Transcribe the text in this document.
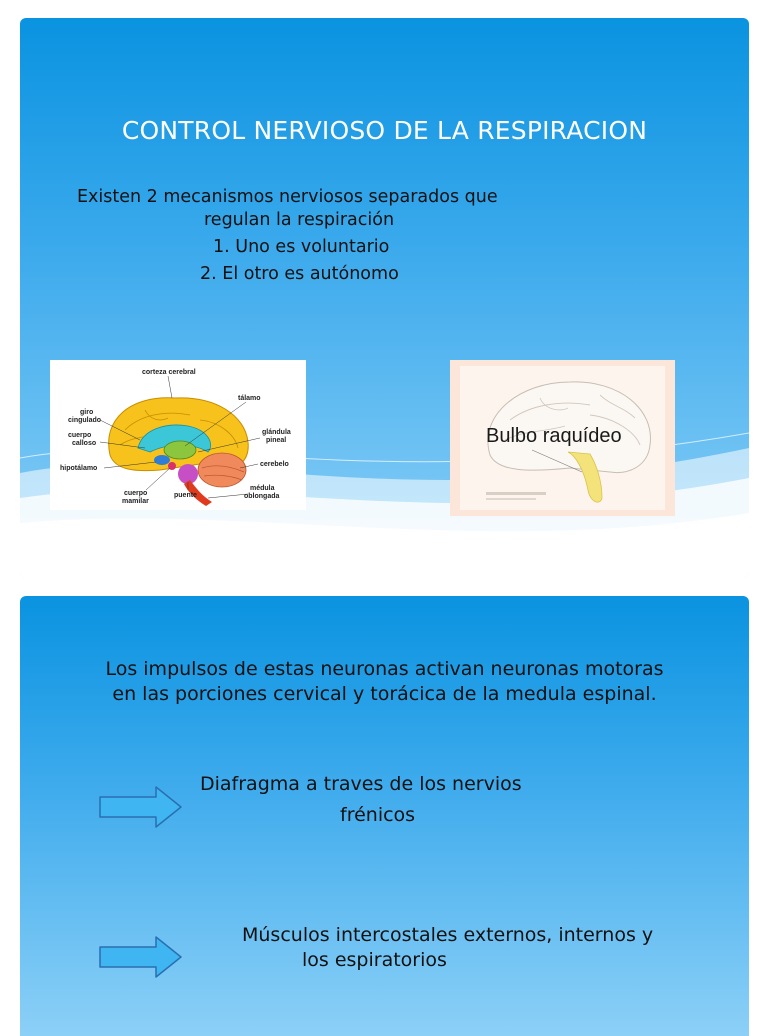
CONTROL NERVIOSO DE LA RESPIRACION
Existen 2 mecanismos nerviosos separados que
regulan la respiración
1. Uno es voluntario
2. El otro es autónomo
corteza cerebral
tálamo
giro
cingulado
cuerpo
calloso
glándula
pineal
hipotálamo
cerebelo
médula
oblongada
cuerpo
mamilar
puente
Bulbo raquídeo
Los impulsos de estas neuronas activan neuronas motoras
en las porciones cervical y torácica de la medula espinal.
Diafragma a traves de los nervios
frénicos
Músculos intercostales externos, internos y
los espiratorios
